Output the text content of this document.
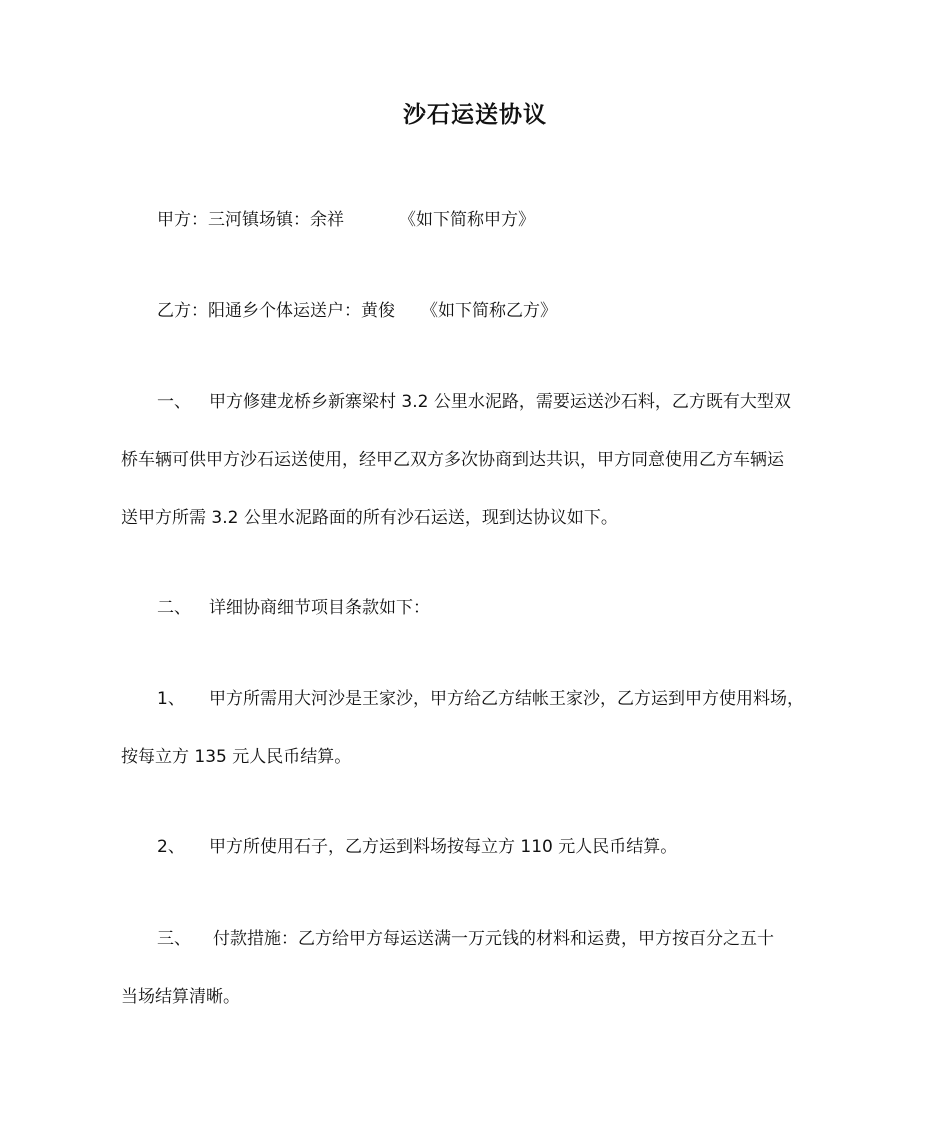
沙石运送协议
甲方：三河镇场镇：余祥	《如下简称甲方》
乙方：阳通乡个体运送户：黄俊 《如下简称乙方》
一、 甲方修建龙桥乡新寨梁村 3.2 公里水泥路，需要运送沙石料，乙方既有大型双
桥车辆可供甲方沙石运送使用，经甲乙双方多次协商到达共识，甲方同意使用乙方车辆运
送甲方所需 3.2 公里水泥路面的所有沙石运送，现到达协议如下。
二、 详细协商细节项目条款如下：
1、 甲方所需用大河沙是王家沙，甲方给乙方结帐王家沙，乙方运到甲方使用料场，
按每立方 135 元人民币结算。
2、 甲方所使用石子，乙方运到料场按每立方 110 元人民币结算。
三、 付款措施：乙方给甲方每运送满一万元钱的材料和运费，甲方按百分之五十
当场结算清晰。
